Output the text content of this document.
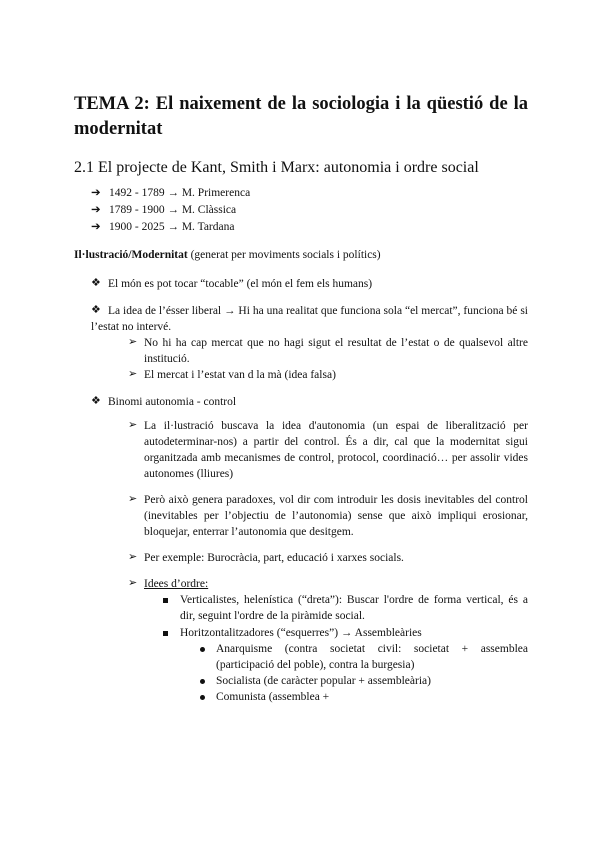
TEMA 2: El naixement de la sociologia i la qüestió de la modernitat
2.1 El projecte de Kant, Smith i Marx: autonomia i ordre social
➔ 1492 - 1789 → M. Primerenca
➔ 1789 - 1900 → M. Clàssica
➔ 1900 - 2025 → M. Tardana

Il·lustració/Modernitat (generat per moviments socials i polítics)

❖ El món es pot tocar “tocable” (el món el fem els humans)

❖ La idea de l’ésser liberal → Hi ha una realitat que funciona sola “el mercat”, funciona bé si l’estat no intervé.

➢ No hi ha cap mercat que no hagi sigut el resultat de l’estat o de qualsevol altre institució.

➢ El mercat i l’estat van d la mà (idea falsa)

❖ Binomi autonomia - control

➢ La il·lustració buscava la idea d'autonomia (un espai de liberalització per autodeterminar-nos) a partir del control. És a dir, cal que la modernitat sigui organitzada amb mecanismes de control, protocol, coordinació… per assolir vides autonomes (lliures)

➢ Però això genera paradoxes, vol dir com introduir les dosis inevitables del control (inevitables per l’objectiu de l’autonomia) sense que això impliqui erosionar, bloquejar, enterrar l’autonomia que desitgem.

➢ Per exemple: Burocràcia, part, educació i xarxes socials.

➢ Idees d’ordre:

Verticalistes, helenística (“dreta”): Buscar l'ordre de forma vertical, és a dir, seguint l'ordre de la piràmide social.

Horitzontalitzadores (“esquerres”) → Assembleàries

Anarquisme (contra societat civil: societat + assemblea (participació del poble), contra la burgesia)

Socialista (de caràcter popular + assembleària)

Comunista (assemblea +
